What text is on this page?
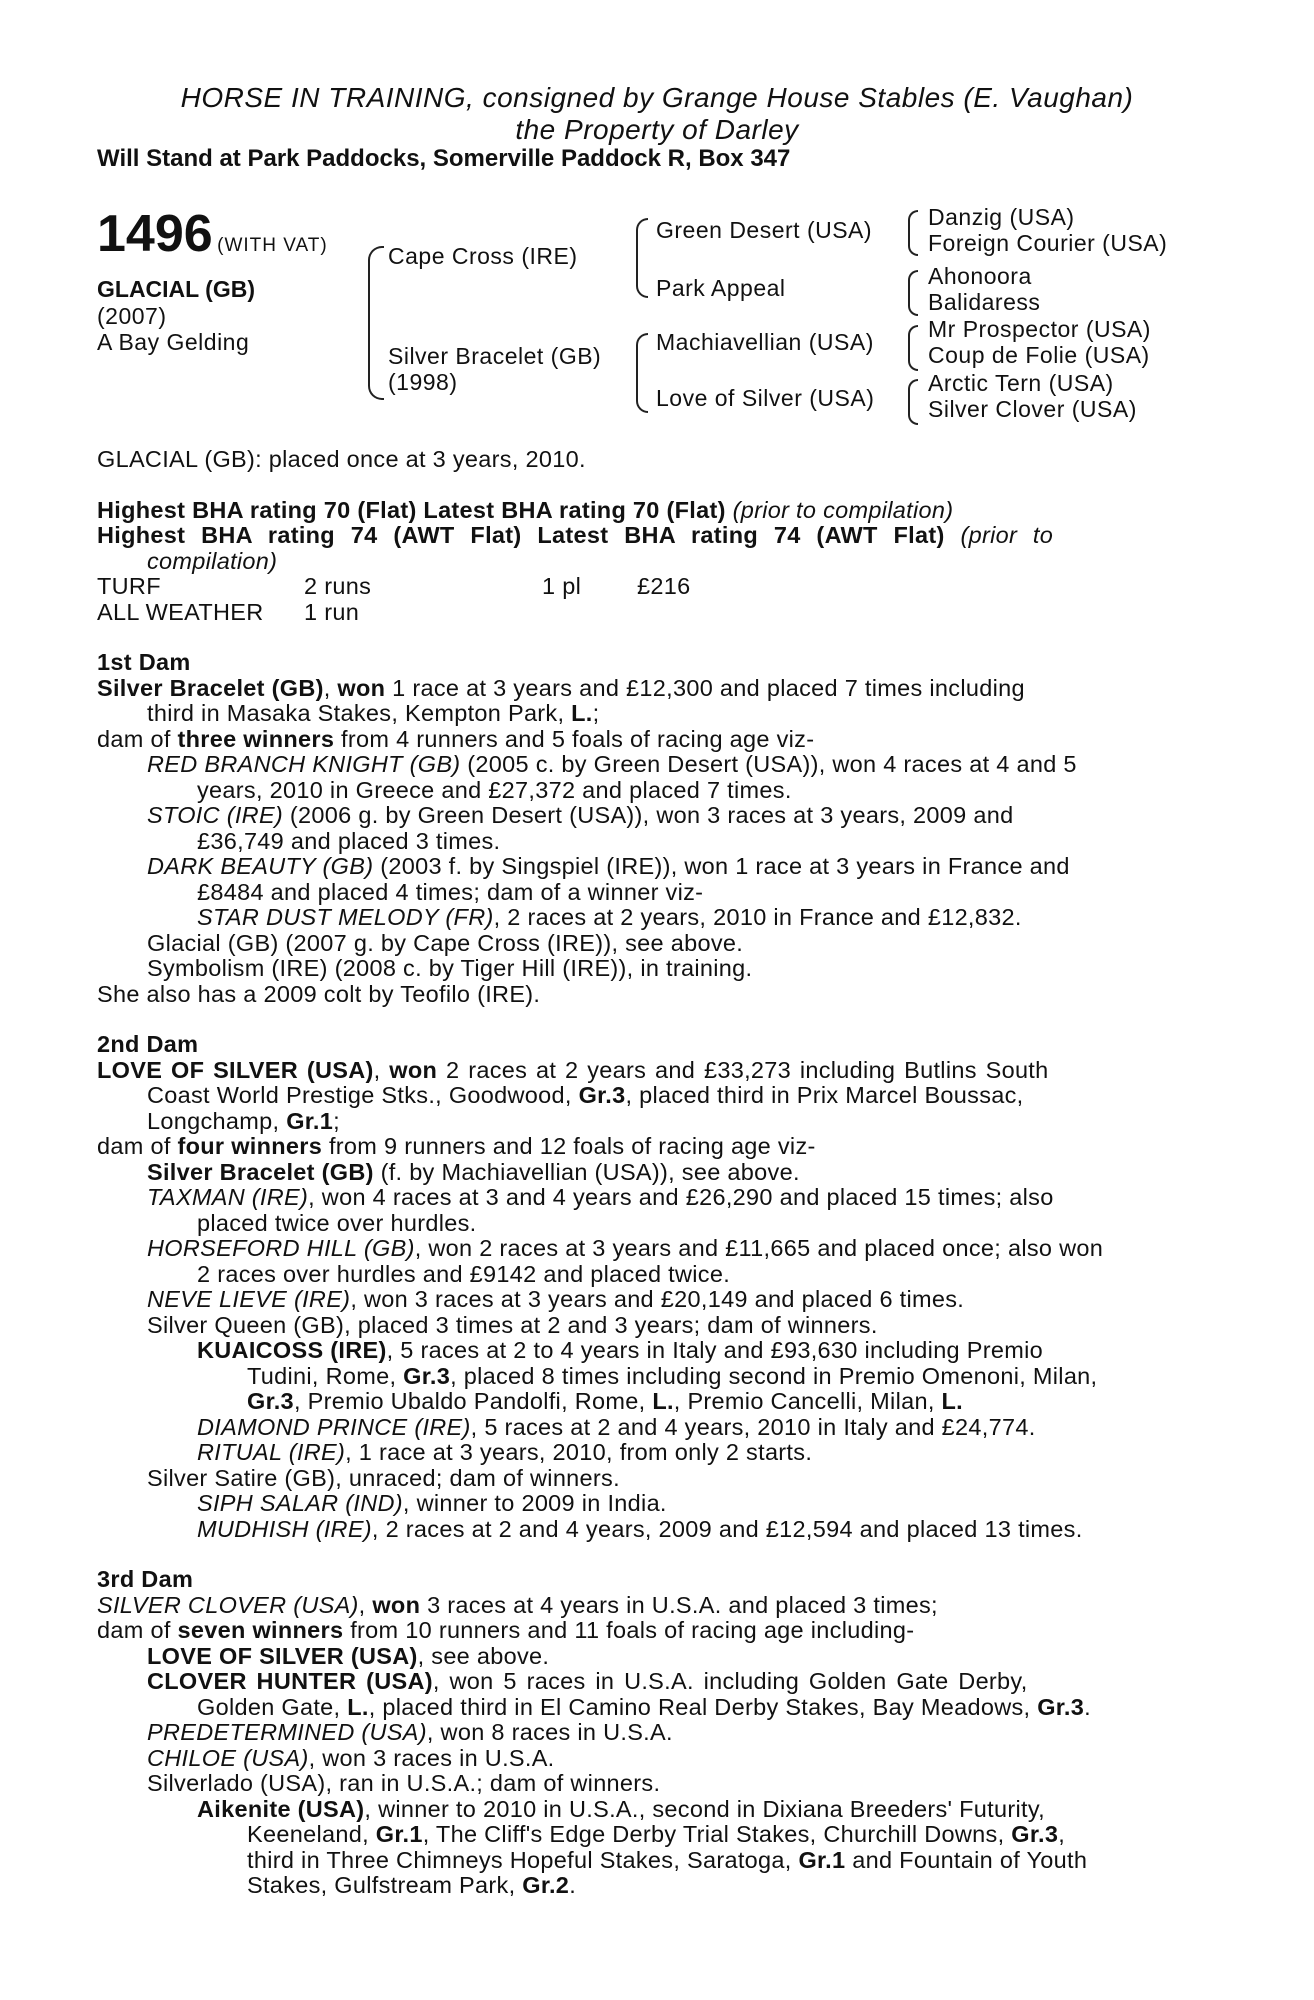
HORSE IN TRAINING, consigned by Grange House Stables (E. Vaughan)
the Property of Darley
Will Stand at Park Paddocks, Somerville Paddock R, Box 347
1496 (WITH VAT)
GLACIAL (GB)
(2007)
A Bay Gelding
Cape Cross (IRE)
Silver Bracelet (GB)
(1998)
Green Desert (USA)
Park Appeal
Machiavellian (USA)
Love of Silver (USA)
Danzig (USA)
Foreign Courier (USA)
Ahonoora
Balidaress
Mr Prospector (USA)
Coup de Folie (USA)
Arctic Tern (USA)
Silver Clover (USA)
GLACIAL (GB): placed once at 3 years, 2010.
Highest BHA rating 70 (Flat) Latest BHA rating 70 (Flat) (prior to compilation)
Highest BHA rating 74 (AWT Flat) Latest BHA rating 74 (AWT Flat) (prior to
compilation)
TURF	2 runs	1 pl £216
ALL WEATHER 1 run
1st Dam
Silver Bracelet (GB), won 1 race at 3 years and £12,300 and placed 7 times including
third in Masaka Stakes, Kempton Park, L.;
dam of three winners from 4 runners and 5 foals of racing age viz-
RED BRANCH KNIGHT (GB) (2005 c. by Green Desert (USA)), won 4 races at 4 and 5
years, 2010 in Greece and £27,372 and placed 7 times.
STOIC (IRE) (2006 g. by Green Desert (USA)), won 3 races at 3 years, 2009 and
£36,749 and placed 3 times.
DARK BEAUTY (GB) (2003 f. by Singspiel (IRE)), won 1 race at 3 years in France and
£8484 and placed 4 times; dam of a winner viz-
STAR DUST MELODY (FR), 2 races at 2 years, 2010 in France and £12,832.
Glacial (GB) (2007 g. by Cape Cross (IRE)), see above.
Symbolism (IRE) (2008 c. by Tiger Hill (IRE)), in training.
She also has a 2009 colt by Teofilo (IRE).
2nd Dam
LOVE OF SILVER (USA), won 2 races at 2 years and £33,273 including Butlins South
Coast World Prestige Stks., Goodwood, Gr.3, placed third in Prix Marcel Boussac,
Longchamp, Gr.1;
dam of four winners from 9 runners and 12 foals of racing age viz-
Silver Bracelet (GB) (f. by Machiavellian (USA)), see above.
TAXMAN (IRE), won 4 races at 3 and 4 years and £26,290 and placed 15 times; also
placed twice over hurdles.
HORSEFORD HILL (GB), won 2 races at 3 years and £11,665 and placed once; also won
2 races over hurdles and £9142 and placed twice.
NEVE LIEVE (IRE), won 3 races at 3 years and £20,149 and placed 6 times.
Silver Queen (GB), placed 3 times at 2 and 3 years; dam of winners.
KUAICOSS (IRE), 5 races at 2 to 4 years in Italy and £93,630 including Premio
Tudini, Rome, Gr.3, placed 8 times including second in Premio Omenoni, Milan,
Gr.3, Premio Ubaldo Pandolfi, Rome, L., Premio Cancelli, Milan, L.
DIAMOND PRINCE (IRE), 5 races at 2 and 4 years, 2010 in Italy and £24,774.
RITUAL (IRE), 1 race at 3 years, 2010, from only 2 starts.
Silver Satire (GB), unraced; dam of winners.
SIPH SALAR (IND), winner to 2009 in India.
MUDHISH (IRE), 2 races at 2 and 4 years, 2009 and £12,594 and placed 13 times.
3rd Dam
SILVER CLOVER (USA), won 3 races at 4 years in U.S.A. and placed 3 times;
dam of seven winners from 10 runners and 11 foals of racing age including-
LOVE OF SILVER (USA), see above.
CLOVER HUNTER (USA), won 5 races in U.S.A. including Golden Gate Derby,
Golden Gate, L., placed third in El Camino Real Derby Stakes, Bay Meadows, Gr.3.
PREDETERMINED (USA), won 8 races in U.S.A.
CHILOE (USA), won 3 races in U.S.A.
Silverlado (USA), ran in U.S.A.; dam of winners.
Aikenite (USA), winner to 2010 in U.S.A., second in Dixiana Breeders' Futurity,
Keeneland, Gr.1, The Cliff's Edge Derby Trial Stakes, Churchill Downs, Gr.3,
third in Three Chimneys Hopeful Stakes, Saratoga, Gr.1 and Fountain of Youth
Stakes, Gulfstream Park, Gr.2.
